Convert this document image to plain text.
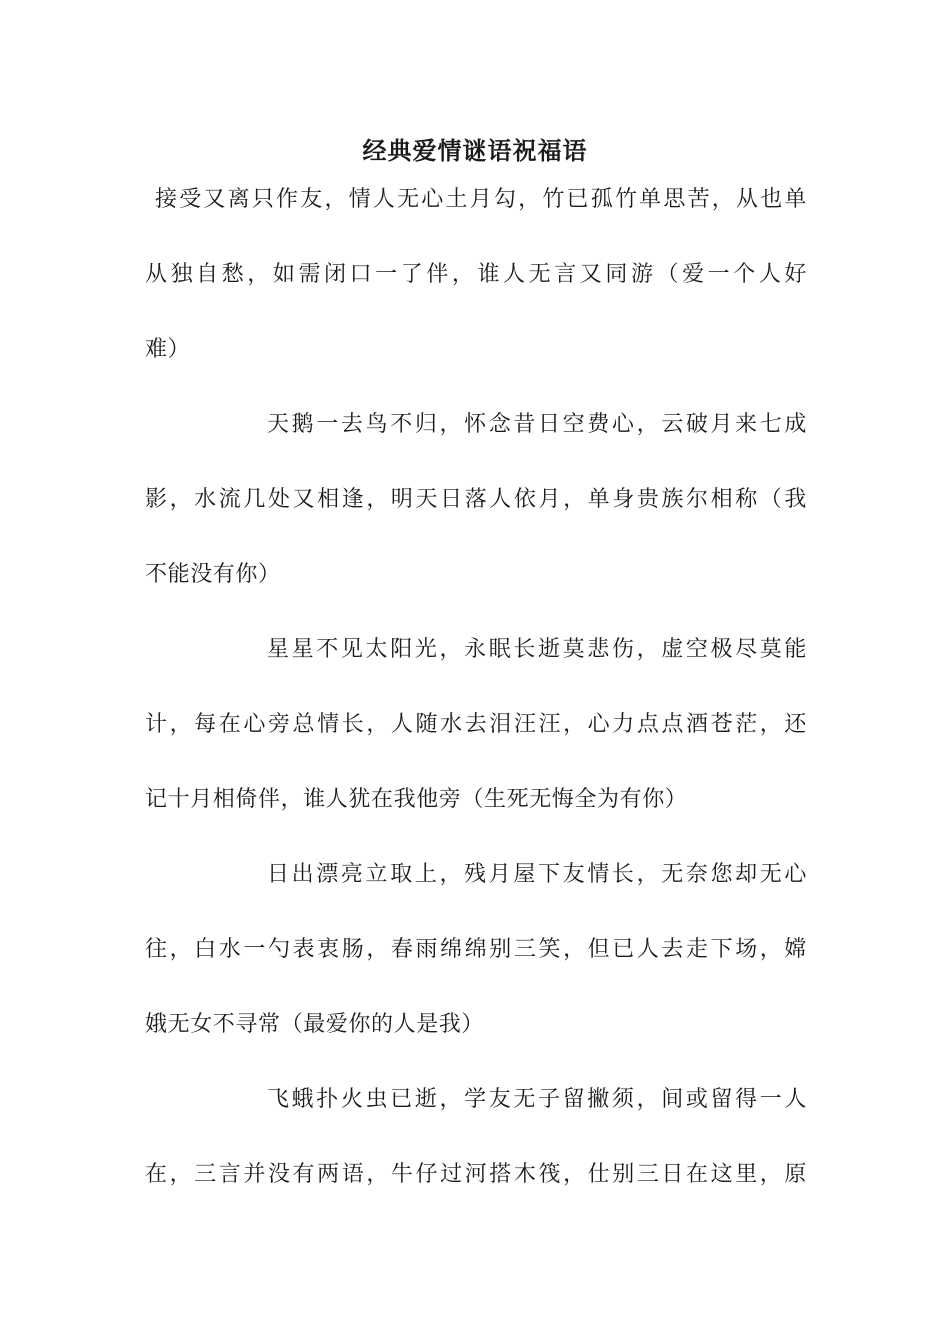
经典爱情谜语祝福语
接受又离只作友，情人无心土月勾，竹已孤竹单思苦，从也单
从独自愁，如需闭口一了伴，谁人无言又同游（爱一个人好
难）
天鹅一去鸟不归，怀念昔日空费心，云破月来七成
影，水流几处又相逢，明天日落人依月，单身贵族尔相称（我
不能没有你）
星星不见太阳光，永眠长逝莫悲伤，虚空极尽莫能
计，每在心旁总情长，人随水去泪汪汪，心力点点酒苍茫，还
记十月相倚伴，谁人犹在我他旁（生死无悔全为有你）
日出漂亮立取上，残月屋下友情长，无奈您却无心
往，白水一勺表衷肠，春雨绵绵别三笑，但已人去走下场，嫦
娥无女不寻常（最爱你的人是我）
飞蛾扑火虫已逝，学友无子留撇须，间或留得一人
在，三言并没有两语，牛仔过河搭木筏，仕别三日在这里，原
